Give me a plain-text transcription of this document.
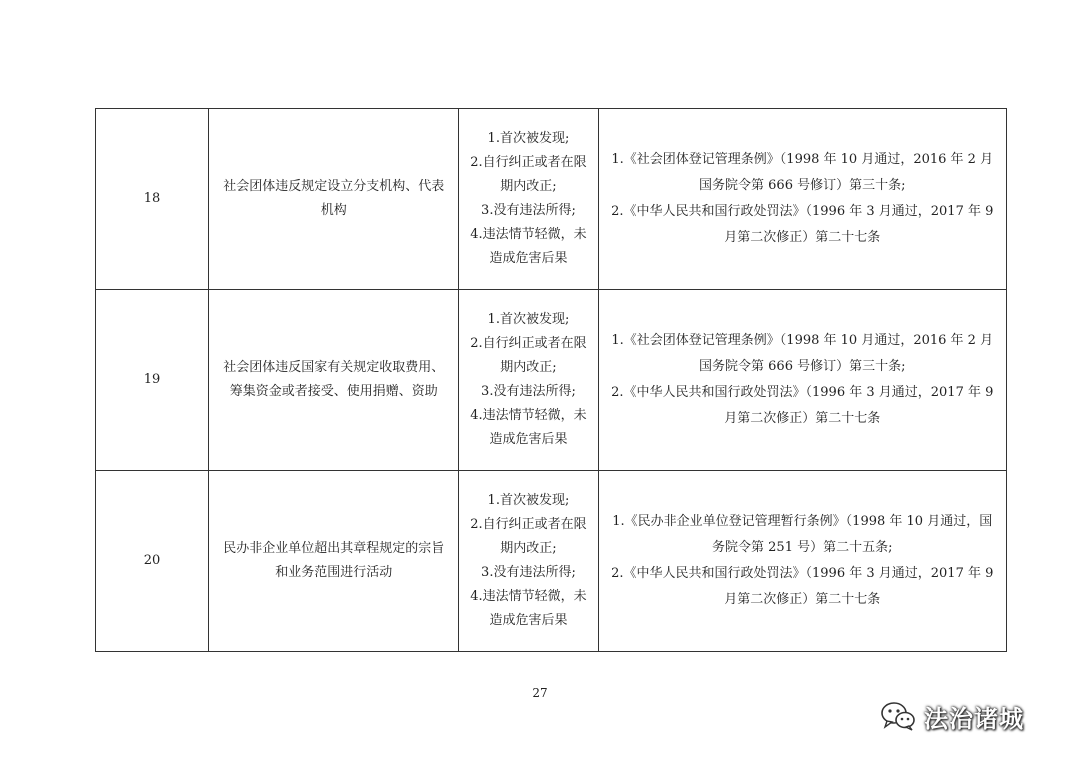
18	社会团体违反规定设立分支机构、代表机构	1.首次被发现;
2.自行纠正或者在限期内改正;
3.没有违法所得;
4.违法情节轻微，未造成危害后果	1.《社会团体登记管理条例》（1998 年 10 月通过，2016 年 2 月国务院令第 666 号修订）第三十条;
2.《中华人民共和国行政处罚法》（1996 年 3 月通过，2017 年 9 月第二次修正）第二十七条

19	社会团体违反国家有关规定收取费用、筹集资金或者接受、使用捐赠、资助	1.首次被发现;
2.自行纠正或者在限期内改正;
3.没有违法所得;
4.违法情节轻微，未造成危害后果	1.《社会团体登记管理条例》（1998 年 10 月通过，2016 年 2 月国务院令第 666 号修订）第三十条;
2.《中华人民共和国行政处罚法》（1996 年 3 月通过，2017 年 9 月第二次修正）第二十七条

20	民办非企业单位超出其章程规定的宗旨和业务范围进行活动	1.首次被发现;
2.自行纠正或者在限期内改正;
3.没有违法所得;
4.违法情节轻微，未造成危害后果	1.《民办非企业单位登记管理暂行条例》（1998 年 10 月通过，国务院令第 251 号）第二十五条;
2.《中华人民共和国行政处罚法》（1996 年 3 月通过，2017 年 9 月第二次修正）第二十七条
27
法治诸城
